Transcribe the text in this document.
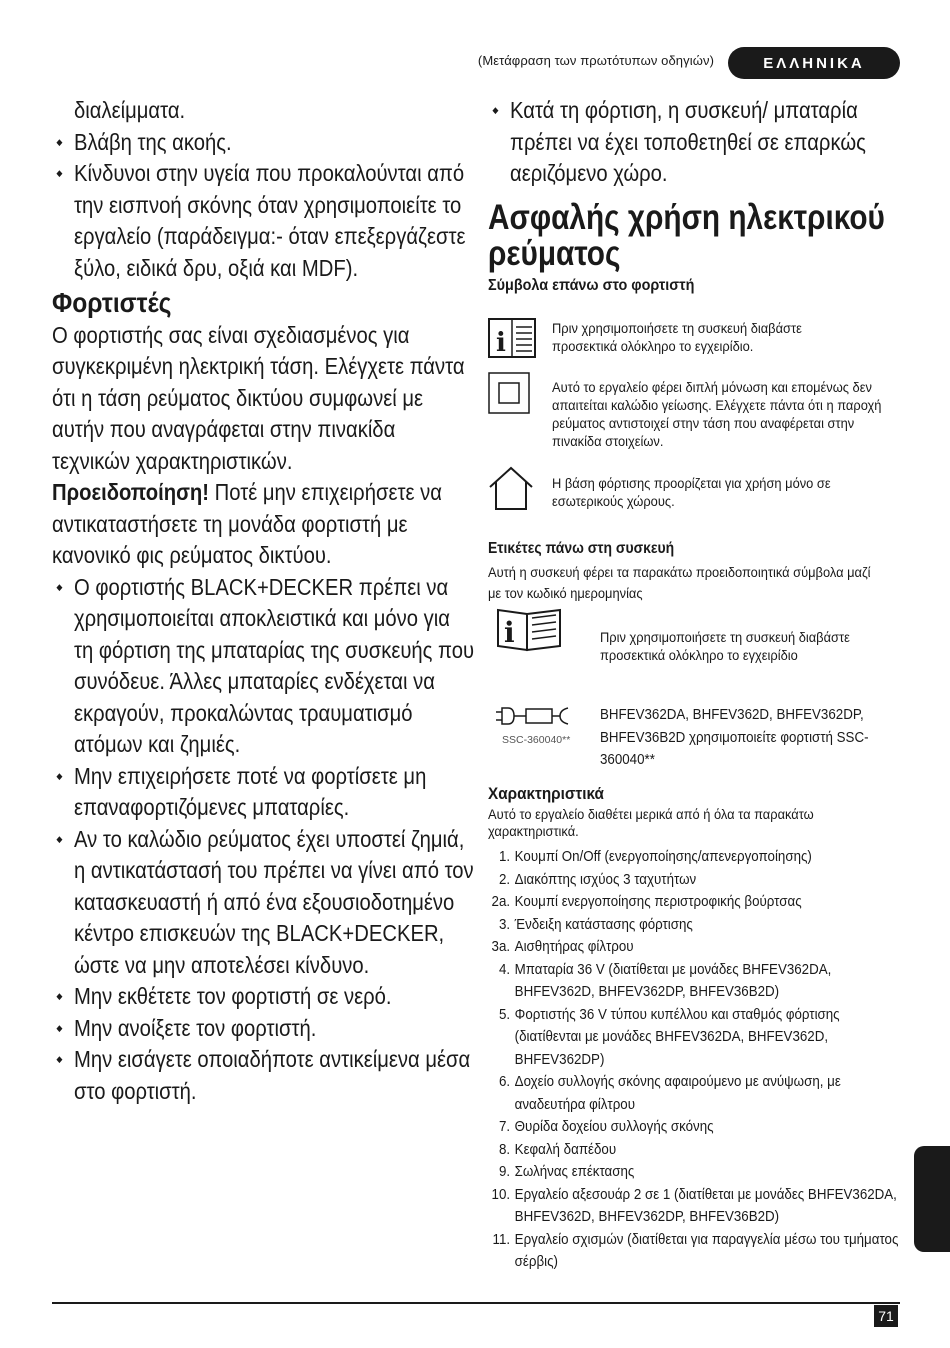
(Μετάφραση των πρωτότυπων οδηγιών)	ΕΛΛΗΝΙΚΑ

διαλείμματα.

◆ Βλάβη της ακοής.

◆ Κίνδυνοι στην υγεία που προκαλούνται από την εισπνοή σκόνης όταν χρησιμοποιείτε το εργαλείο (παράδειγμα:- όταν επεξεργάζεστε ξύλο, ειδικά δρυ, οξιά και MDF).

Φορτιστές

Ο φορτιστής σας είναι σχεδιασμένος για συγκεκριμένη ηλεκτρική τάση. Ελέγχετε πάντα ότι η τάση ρεύματος δικτύου συμφωνεί με αυτήν που αναγράφεται στην πινακίδα τεχνικών χαρακτηριστικών.

Προειδοποίηση! Ποτέ μην επιχειρήσετε να αντικαταστήσετε τη μονάδα φορτιστή με κανονικό φις ρεύματος δικτύου.

◆ Ο φορτιστής BLACK+DECKER πρέπει να χρησιμοποιείται αποκλειστικά και μόνο για τη φόρτιση της μπαταρίας της συσκευής που συνόδευε. Άλλες μπαταρίες ενδέχεται να εκραγούν, προκαλώντας τραυματισμό ατόμων και ζημιές.

◆ Μην επιχειρήσετε ποτέ να φορτίσετε μη επαναφορτιζόμενες μπαταρίες.

◆ Αν το καλώδιο ρεύματος έχει υποστεί ζημιά, η αντικατάστασή του πρέπει να γίνει από τον κατασκευαστή ή από ένα εξουσιοδοτημένο κέντρο επισκευών της BLACK+DECKER, ώστε να μην αποτελέσει κίνδυνο.

◆ Μην εκθέτετε τον φορτιστή σε νερό.

◆ Μην ανοίξετε τον φορτιστή.

◆ Μην εισάγετε οποιαδήποτε αντικείμενα μέσα στο φορτιστή.

◆ Κατά τη φόρτιση, η συσκευή/ μπαταρία πρέπει να έχει τοποθετηθεί σε επαρκώς αεριζόμενο χώρο.

Ασφαλής χρήση ηλεκτρικού ρεύματος
Σύμβολα επάνω στο φορτιστή
i	Πριν χρησιμοποιήσετε τη συσκευή διαβάστε προσεκτικά ολόκληρο το εγχειρίδιο.
Αυτό το εργαλείο φέρει διπλή μόνωση και επομένως δεν απαιτείται καλώδιο γείωσης. Ελέγχετε πάντα ότι η παροχή ρεύματος αντιστοιχεί στην τάση που αναφέρεται στην πινακίδα στοιχείων.
Η βάση φόρτισης προορίζεται για χρήση μόνο σε εσωτερικούς χώρους.
Ετικέτες πάνω στη συσκευή
Αυτή η συσκευή φέρει τα παρακάτω προειδοποιητικά σύμβολα μαζί με τον κωδικό ημερομηνίας
i	Πριν χρησιμοποιήσετε τη συσκευή διαβάστε προσεκτικά ολόκληρο το εγχειρίδιο
SSC-360040**
BHFEV362DA, BHFEV362D, BHFEV362DP, BHFEV36B2D χρησιμοποιείτε φορτιστή SSC-360040**
Χαρακτηριστικά
Αυτό το εργαλείο διαθέτει μερικά από ή όλα τα παρακάτω χαρακτηριστικά.
1. Κουμπί On/Off (ενεργοποίησης/απενεργοποίησης)
2. Διακόπτης ισχύος 3 ταχυτήτων
2a. Κουμπί ενεργοποίησης περιστροφικής βούρτσας
3. Ένδειξη κατάστασης φόρτισης
3a. Αισθητήρας φίλτρου
4. Μπαταρία 36 V (διατίθεται με μονάδες BHFEV362DA, BHFEV362D, BHFEV362DP, BHFEV36B2D)
5. Φορτιστής 36 V τύπου κυπέλλου και σταθμός φόρτισης (διατίθενται με μονάδες BHFEV362DA, BHFEV362D, BHFEV362DP)
6. Δοχείο συλλογής σκόνης αφαιρούμενο με ανύψωση, με αναδευτήρα φίλτρου
7. Θυρίδα δοχείου συλλογής σκόνης
8. Κεφαλή δαπέδου
9. Σωλήνας επέκτασης
10. Εργαλείο αξεσουάρ 2 σε 1 (διατίθεται με μονάδες BHFEV362DA, BHFEV362D, BHFEV362DP, BHFEV36B2D)
11. Εργαλείο σχισμών (διατίθεται για παραγγελία μέσω του τμήματος σέρβις)
71
